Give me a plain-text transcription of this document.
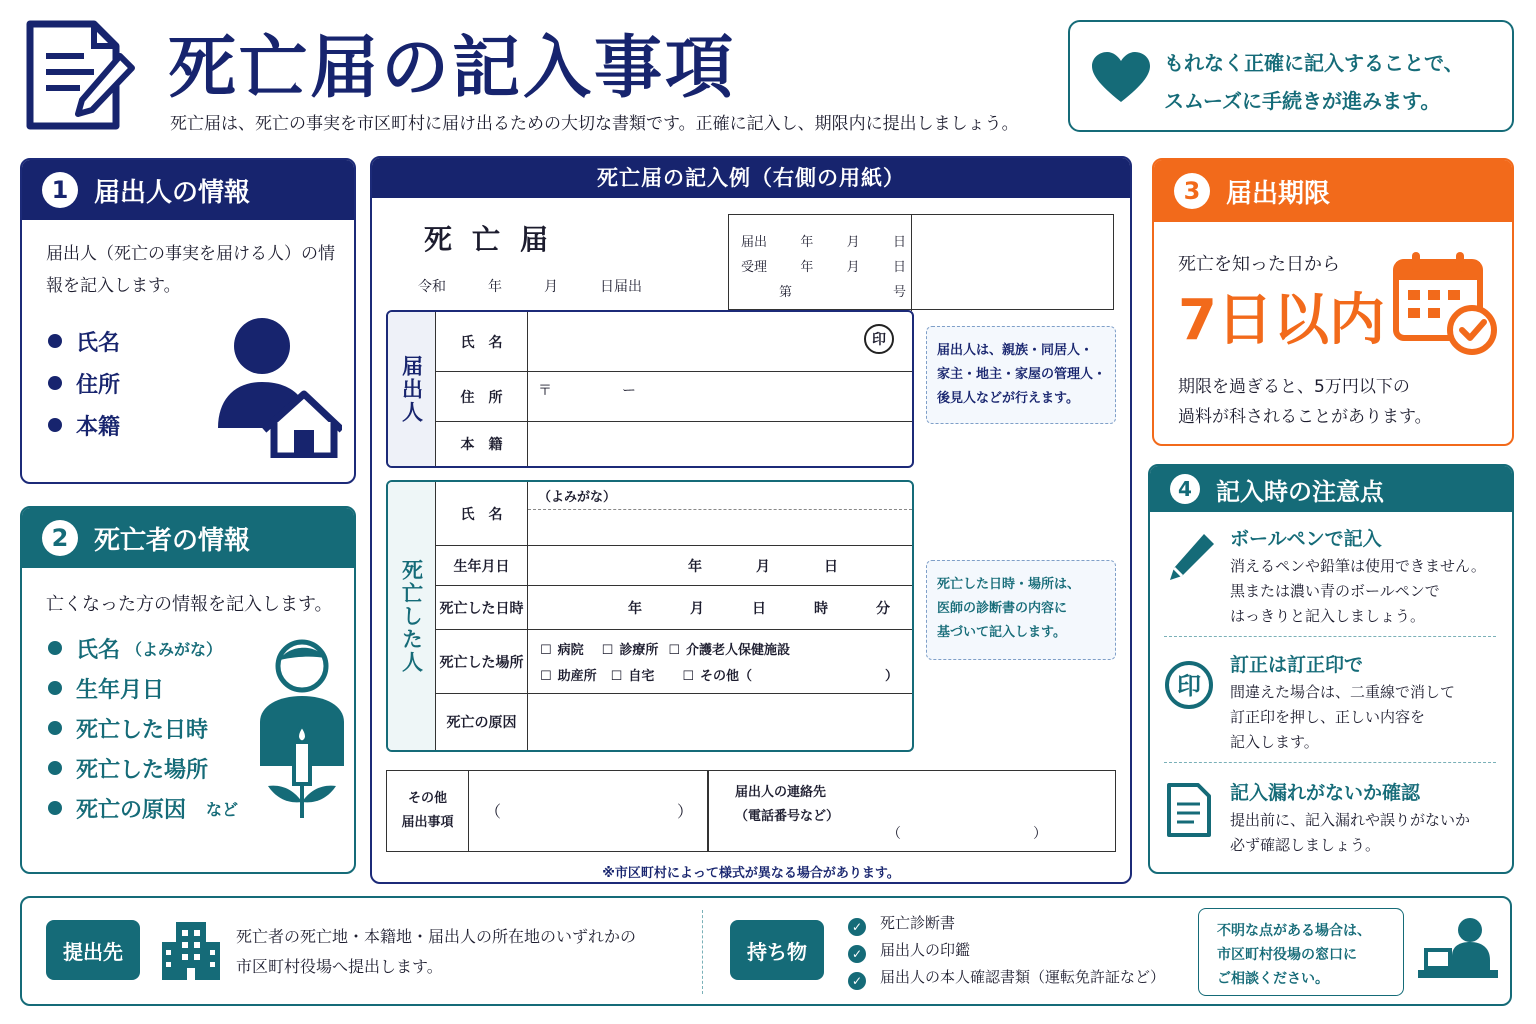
死亡届の記入事項
死亡届は、死亡の事実を市区町村に届け出るための大切な書類です。正確に記入し、期限内に提出しましょう。
もれなく正確に記入することで、
スムーズに手続きが進みます。
1 届出人の情報
届出人（死亡の事実を届ける人）の情報を記入します。
氏名
住所
本籍
2 死亡者の情報
亡くなった方の情報を記入します。
氏名 （よみがな）
生年月日
死亡した日時
死亡した場所
死亡の原因 など
死亡届の記入例（右側の用紙）
死亡届
令和　　　年　　　月　　　日届出
届出	年	月	日
受理	年	月	日
第	号
届出人
氏　名	印
住　所	〒　　　　　ー
本　籍
死亡した人
氏　名
（よみがな）
生年月日	年	月	日
死亡した日時	年	月	日	時	分
死亡した場所
☐ 病院 ☐ 診療所 ☐ 介護老人保健施設
☐ 助産所 ☐ 自宅 ☐ その他（	）
死亡の原因
届出人は、親族・同居人・
家主・地主・家屋の管理人・
後見人などが行えます。
死亡した日時・場所は、
医師の診断書の内容に
基づいて記入します。
その他
届出事項
（	）
届出人の連絡先
（電話番号など）
（	）
※市区町村によって様式が異なる場合があります。
3 届出期限
死亡を知った日から
7日以内
期限を過ぎると、5万円以下の
過料が科されることがあります。
4	記入時の注意点
ボールペンで記入
消えるペンや鉛筆は使用できません。
黒または濃い青のボールペンで
はっきりと記入しましょう。
印
訂正は訂正印で
間違えた場合は、二重線で消して
訂正印を押し、正しい内容を
記入します。
記入漏れがないか確認
提出前に、記入漏れや誤りがないか
必ず確認しましょう。
提出先
死亡者の死亡地・本籍地・届出人の所在地のいずれかの
市区町村役場へ提出します。
持ち物
✓ 死亡診断書
✓ 届出人の印鑑
✓ 届出人の本人確認書類（運転免許証など）
不明な点がある場合は、
市区町村役場の窓口に
ご相談ください。
